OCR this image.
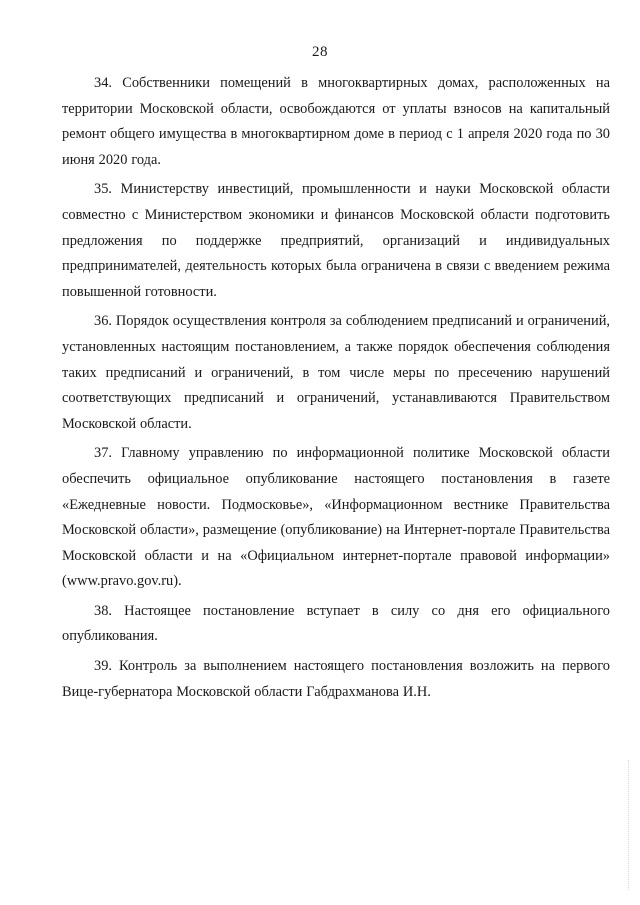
28

34. Собственники помещений в многоквартирных домах, расположенных на территории Московской области, освобождаются от уплаты взносов на капитальный ремонт общего имущества в многоквартирном доме в период с 1 апреля 2020 года по 30 июня 2020 года.

35. Министерству инвестиций, промышленности и науки Московской области совместно с Министерством экономики и финансов Московской области подготовить предложения по поддержке предприятий, организаций и индивидуальных предпринимателей, деятельность которых была ограничена в связи с введением режима повышенной готовности.

36. Порядок осуществления контроля за соблюдением предписаний и ограничений, установленных настоящим постановлением, а также порядок обеспечения соблюдения таких предписаний и ограничений, в том числе меры по пресечению нарушений соответствующих предписаний и ограничений, устанавливаются Правительством Московской области.

37. Главному управлению по информационной политике Московской области обеспечить официальное опубликование настоящего постановления в газете «Ежедневные новости. Подмосковье», «Информационном вестнике Правительства Московской области», размещение (опубликование) на Интернет-портале Правительства Московской области и на «Официальном интернет-портале правовой информации» (www.pravo.gov.ru).

38. Настоящее постановление вступает в силу со дня его официального опубликования.

39. Контроль за выполнением настоящего постановления возложить на первого Вице-губернатора Московской области Габдрахманова И.Н.
